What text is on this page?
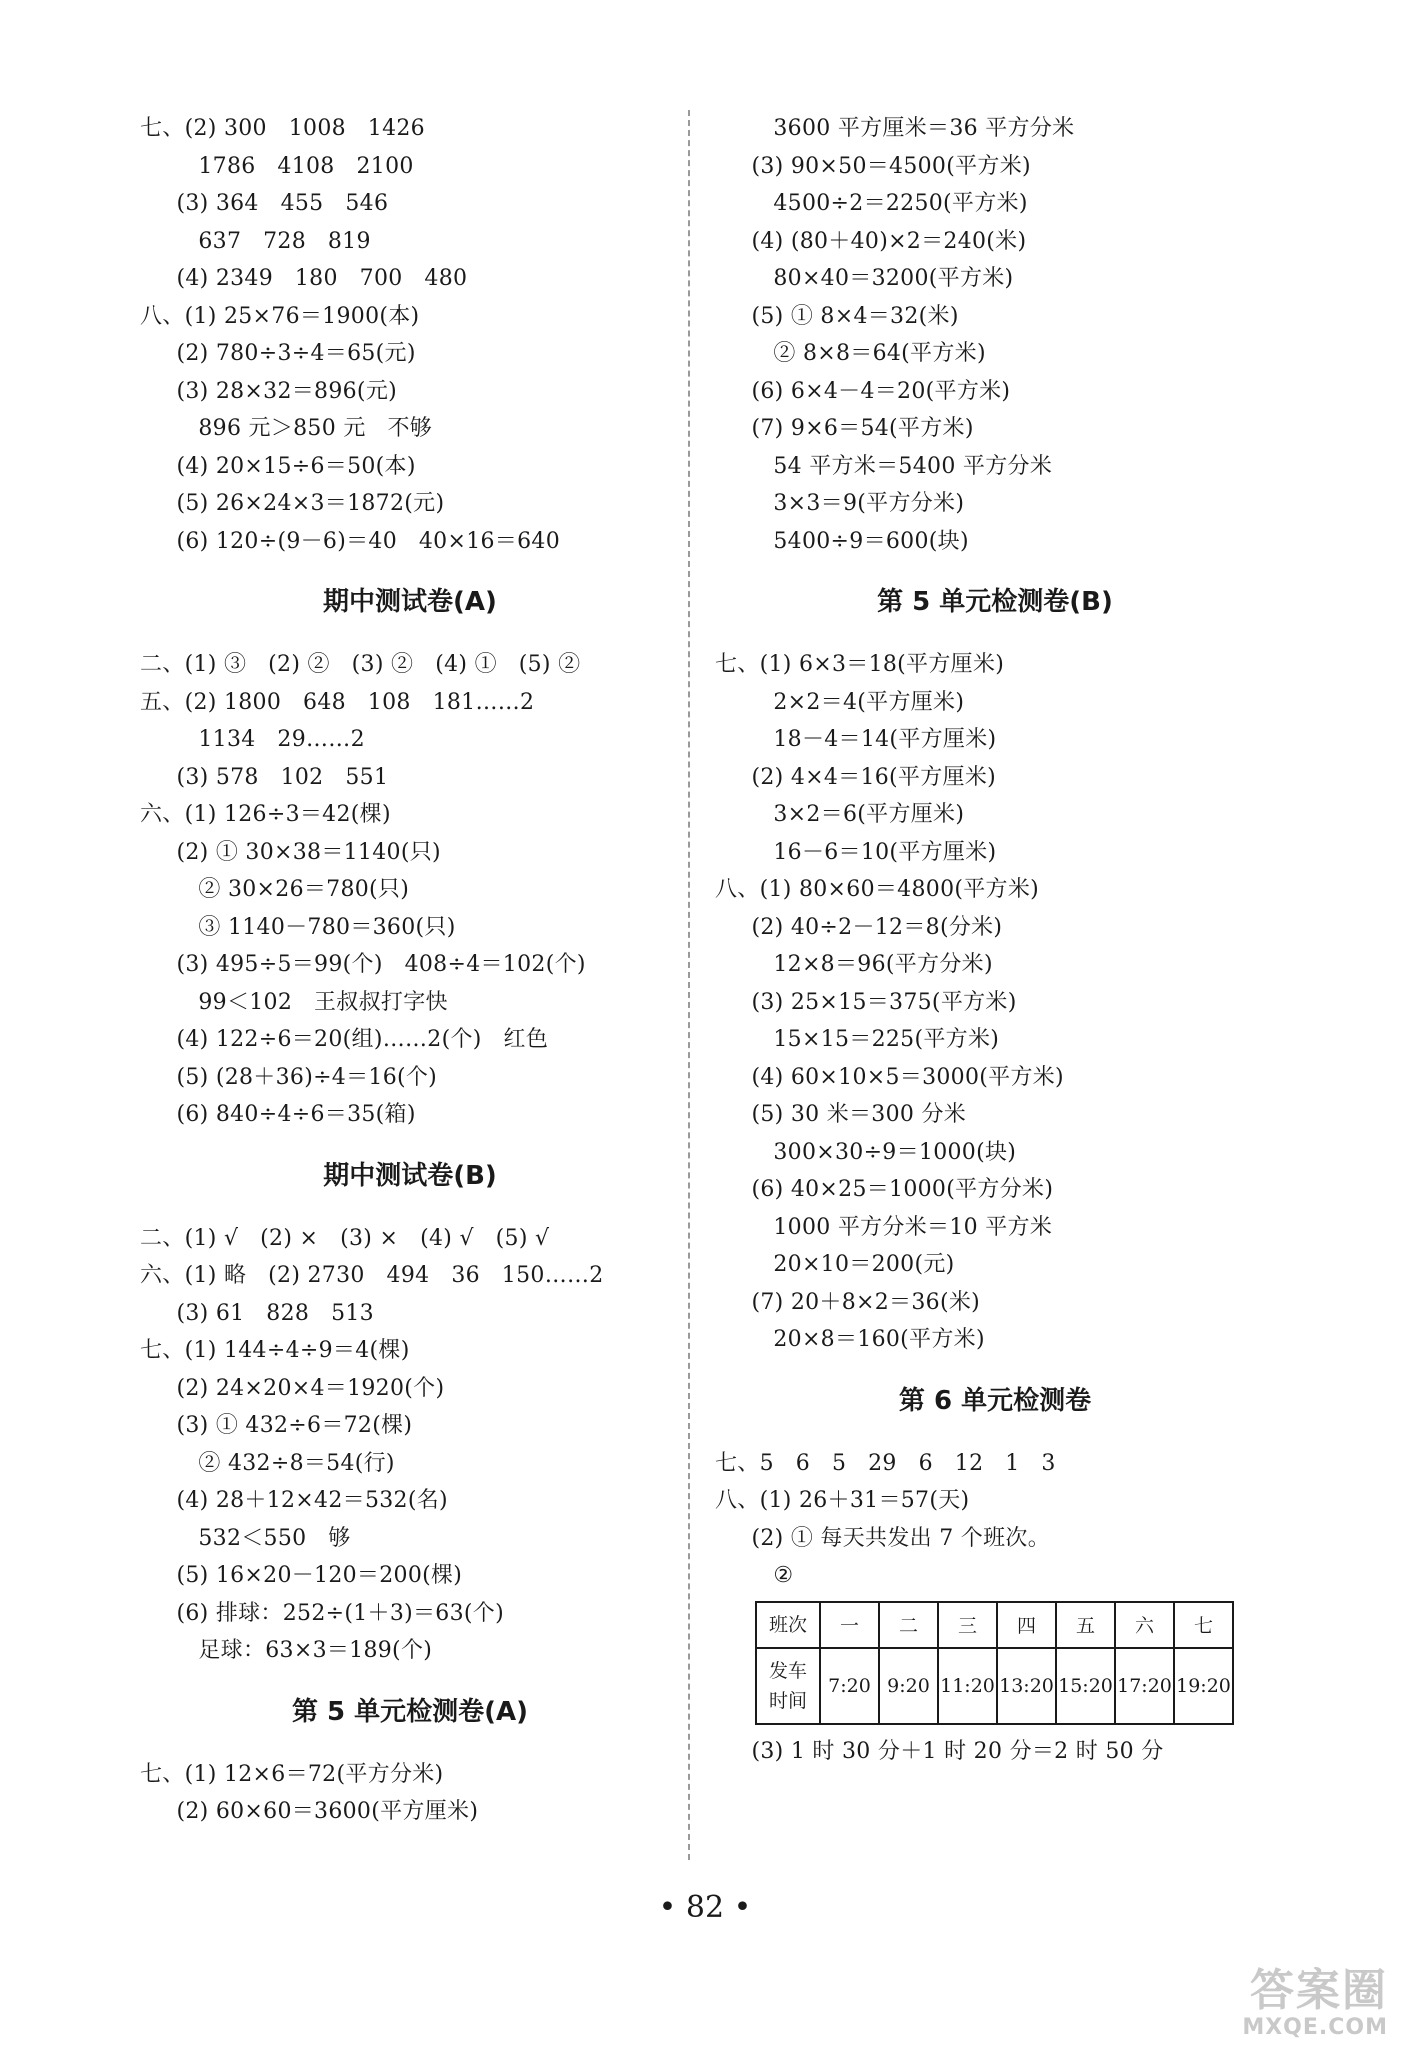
七、(2) 300   1008   1426
1786   4108   2100
(3) 364   455   546
637   728   819
(4) 2349   180   700   480
八、(1) 25×76＝1900(本)
(2) 780÷3÷4＝65(元)
(3) 28×32＝896(元)
896 元＞850 元   不够
(4) 20×15÷6＝50(本)
(5) 26×24×3＝1872(元)
(6) 120÷(9－6)＝40   40×16＝640
期中测试卷(A)
二、(1) ③   (2) ②   (3) ②   (4) ①   (5) ②
五、(2) 1800   648   108   181……2
1134   29……2
(3) 578   102   551
六、(1) 126÷3＝42(棵)
(2) ① 30×38＝1140(只)
② 30×26＝780(只)
③ 1140－780＝360(只)
(3) 495÷5＝99(个)   408÷4＝102(个)
99＜102   王叔叔打字快
(4) 122÷6＝20(组)……2(个)   红色
(5) (28＋36)÷4＝16(个)
(6) 840÷4÷6＝35(箱)
期中测试卷(B)
二、(1) √   (2) ×   (3) ×   (4) √   (5) √
六、(1) 略   (2) 2730   494   36   150……2
(3) 61   828   513
七、(1) 144÷4÷9＝4(棵)
(2) 24×20×4＝1920(个)
(3) ① 432÷6＝72(棵)
② 432÷8＝54(行)
(4) 28＋12×42＝532(名)
532＜550   够
(5) 16×20－120＝200(棵)
(6) 排球：252÷(1＋3)＝63(个)
足球：63×3＝189(个)
第 5 单元检测卷(A)
七、(1) 12×6＝72(平方分米)
(2) 60×60＝3600(平方厘米)
3600 平方厘米＝36 平方分米
(3) 90×50＝4500(平方米)
4500÷2＝2250(平方米)
(4) (80＋40)×2＝240(米)
80×40＝3200(平方米)
(5) ① 8×4＝32(米)
② 8×8＝64(平方米)
(6) 6×4－4＝20(平方米)
(7) 9×6＝54(平方米)
54 平方米＝5400 平方分米
3×3＝9(平方分米)
5400÷9＝600(块)
第 5 单元检测卷(B)
七、(1) 6×3＝18(平方厘米)
2×2＝4(平方厘米)
18－4＝14(平方厘米)
(2) 4×4＝16(平方厘米)
3×2＝6(平方厘米)
16－6＝10(平方厘米)
八、(1) 80×60＝4800(平方米)
(2) 40÷2－12＝8(分米)
12×8＝96(平方分米)
(3) 25×15＝375(平方米)
15×15＝225(平方米)
(4) 60×10×5＝3000(平方米)
(5) 30 米＝300 分米
300×30÷9＝1000(块)
(6) 40×25＝1000(平方分米)
1000 平方分米＝10 平方米
20×10＝200(元)
(7) 20＋8×2＝36(米)
20×8＝160(平方米)
第 6 单元检测卷
七、5   6   5   29   6   12   1   3
八、(1) 26＋31＝57(天)
(2) ① 每天共发出 7 个班次。
②
班次	一	二	三	四	五	六	七

发车
时间	7:20	9:20	11:20	13:20	15:20	17:20	19:20
(3) 1 时 30 分＋1 时 20 分＝2 时 50 分
• 82 •
答案圈
MXQE.COM
